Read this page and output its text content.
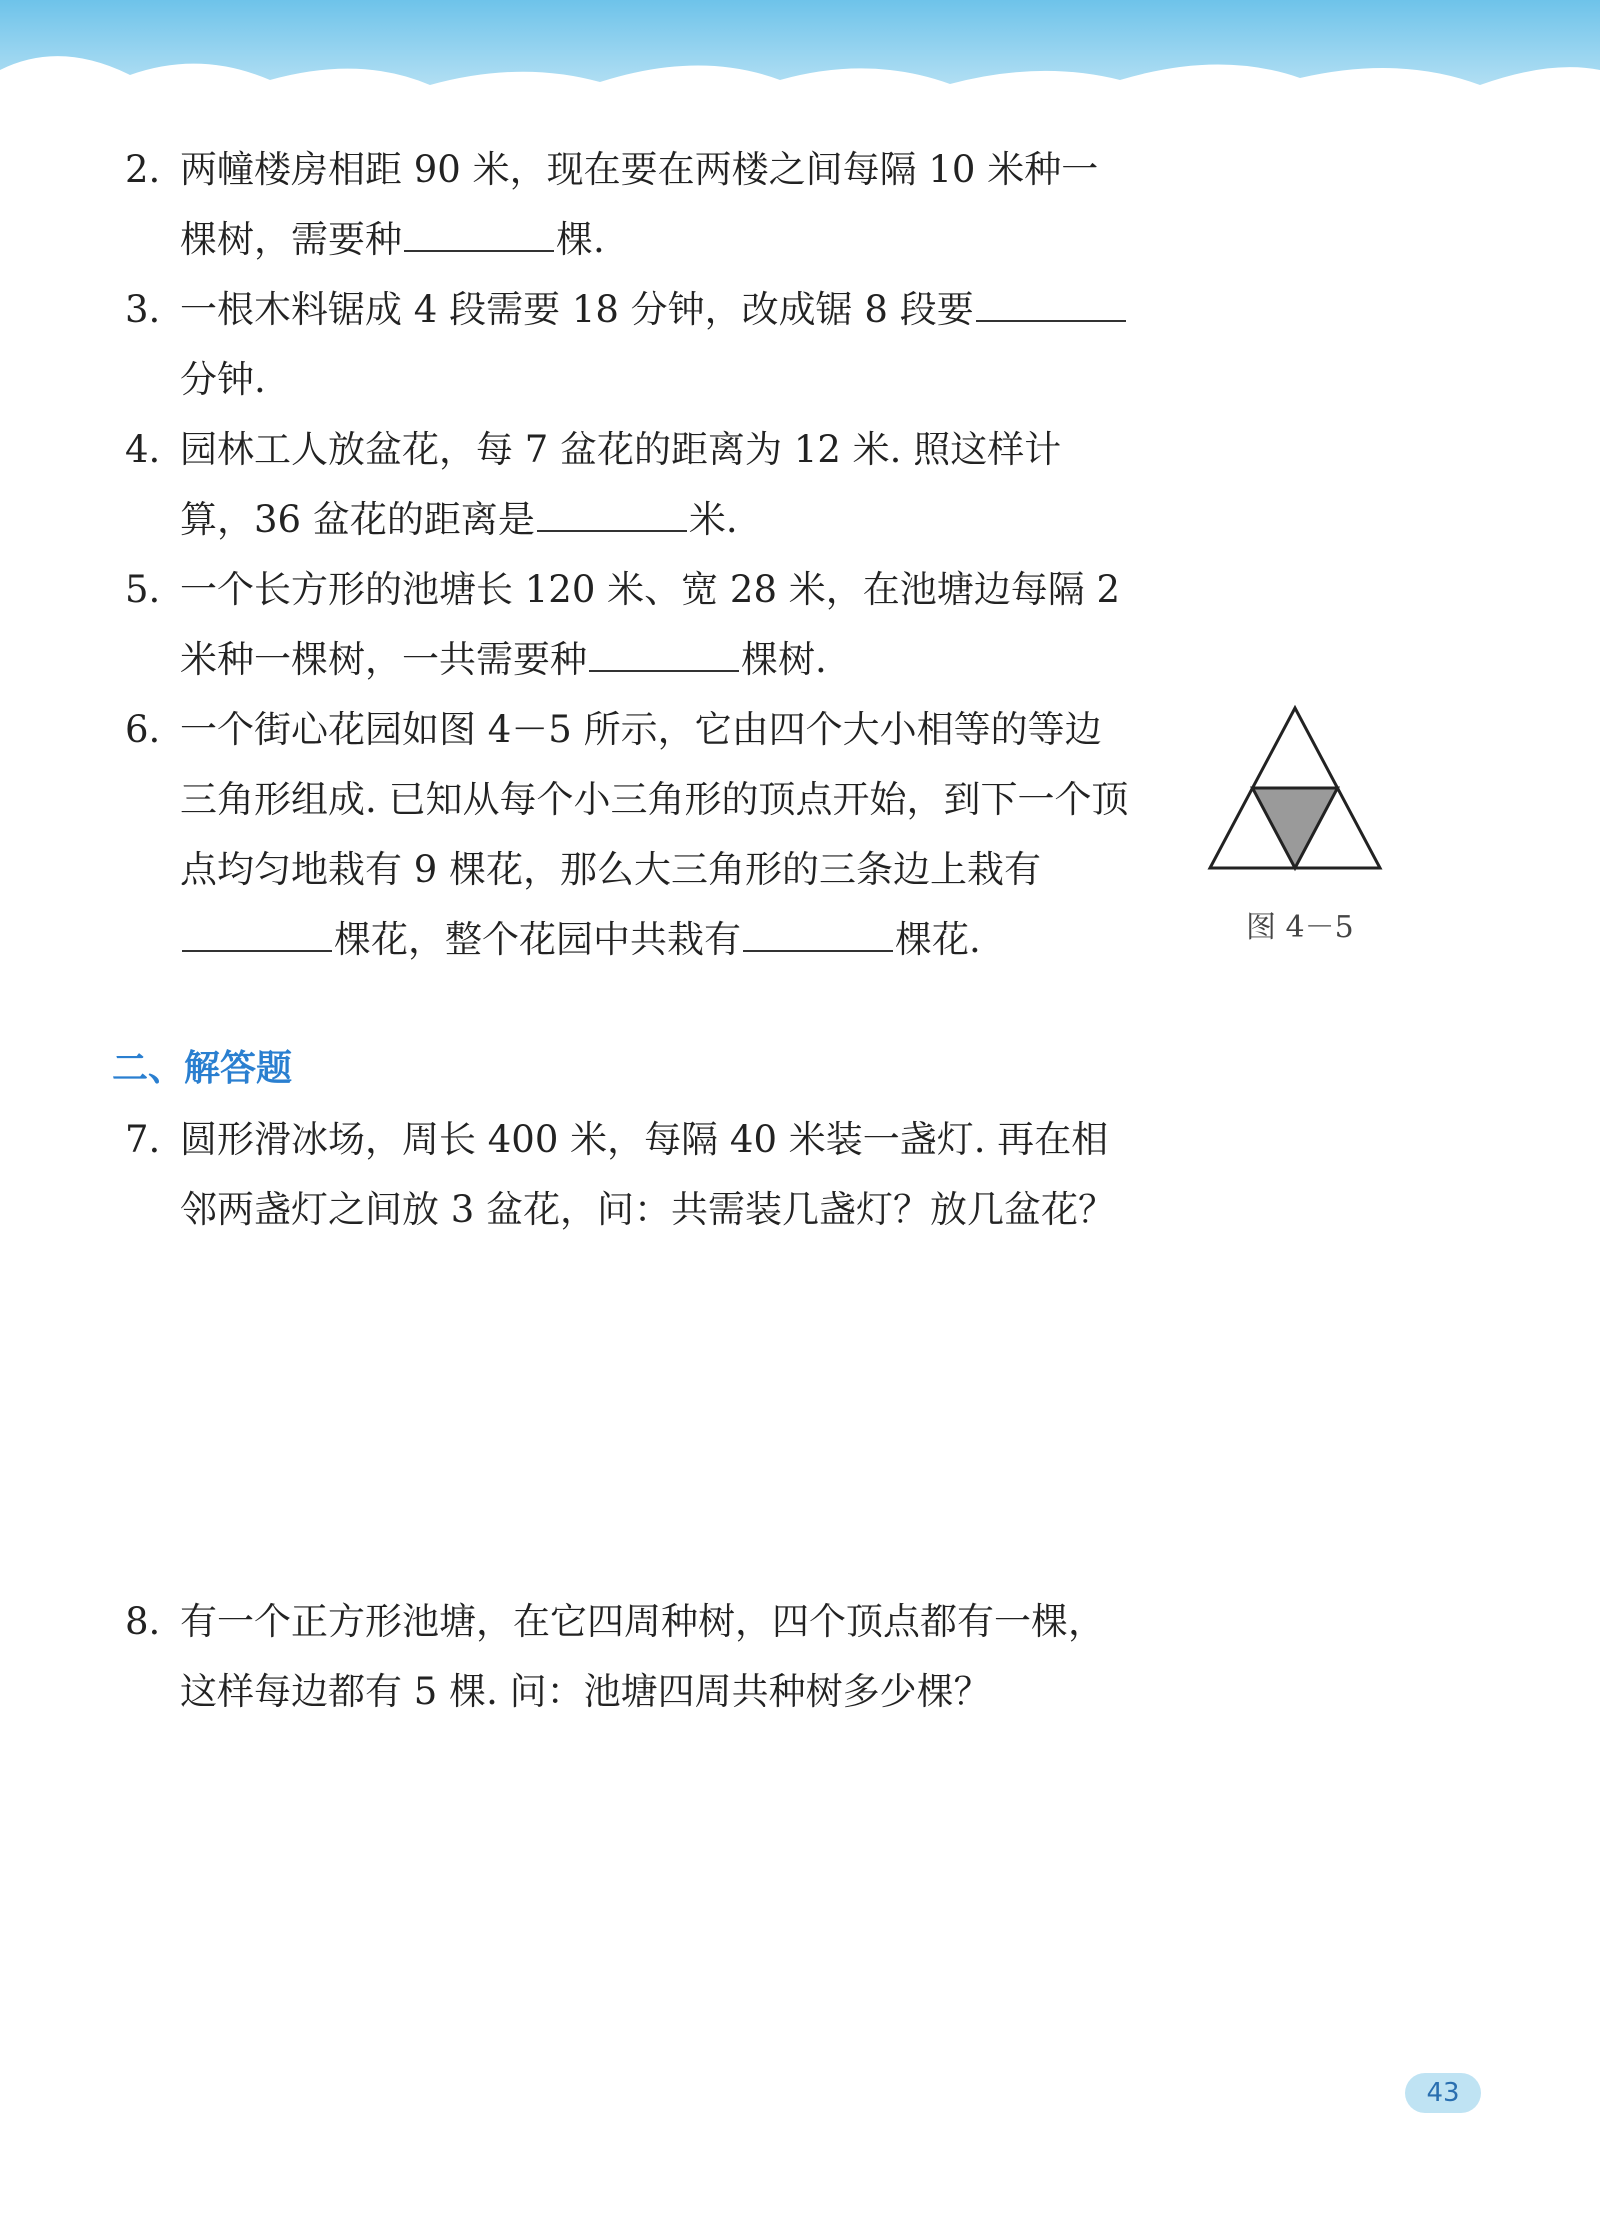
2. 两幢楼房相距 90 米，现在要在两楼之间每隔 10 米种一棵树，需要种	棵.
3. 一根木料锯成 4 段需要 18 分钟，改成锯 8 段要分钟.
4. 园林工人放盆花，每 7 盆花的距离为 12 米. 照这样计算，36 盆花的距离是	米.
5. 一个长方形的池塘长 120 米、宽 28 米，在池塘边每隔 2 米种一棵树，一共需要种	棵树.
6. 一个街心花园如图 4－5 所示，它由四个大小相等的等边三角形组成. 已知从每个小三角形的顶点开始，到下一个顶点均匀地栽有 9 棵花，那么大三角形的三条边上栽有棵花，整个花园中共栽有	棵花.	图 4－5
二、解答题
7. 圆形滑冰场，周长 400 米，每隔 40 米装一盏灯. 再在相邻两盏灯之间放 3 盆花，问：共需装几盏灯？放几盆花？
8. 有一个正方形池塘，在它四周种树，四个顶点都有一棵，这样每边都有 5 棵. 问：池塘四周共种树多少棵？
43
